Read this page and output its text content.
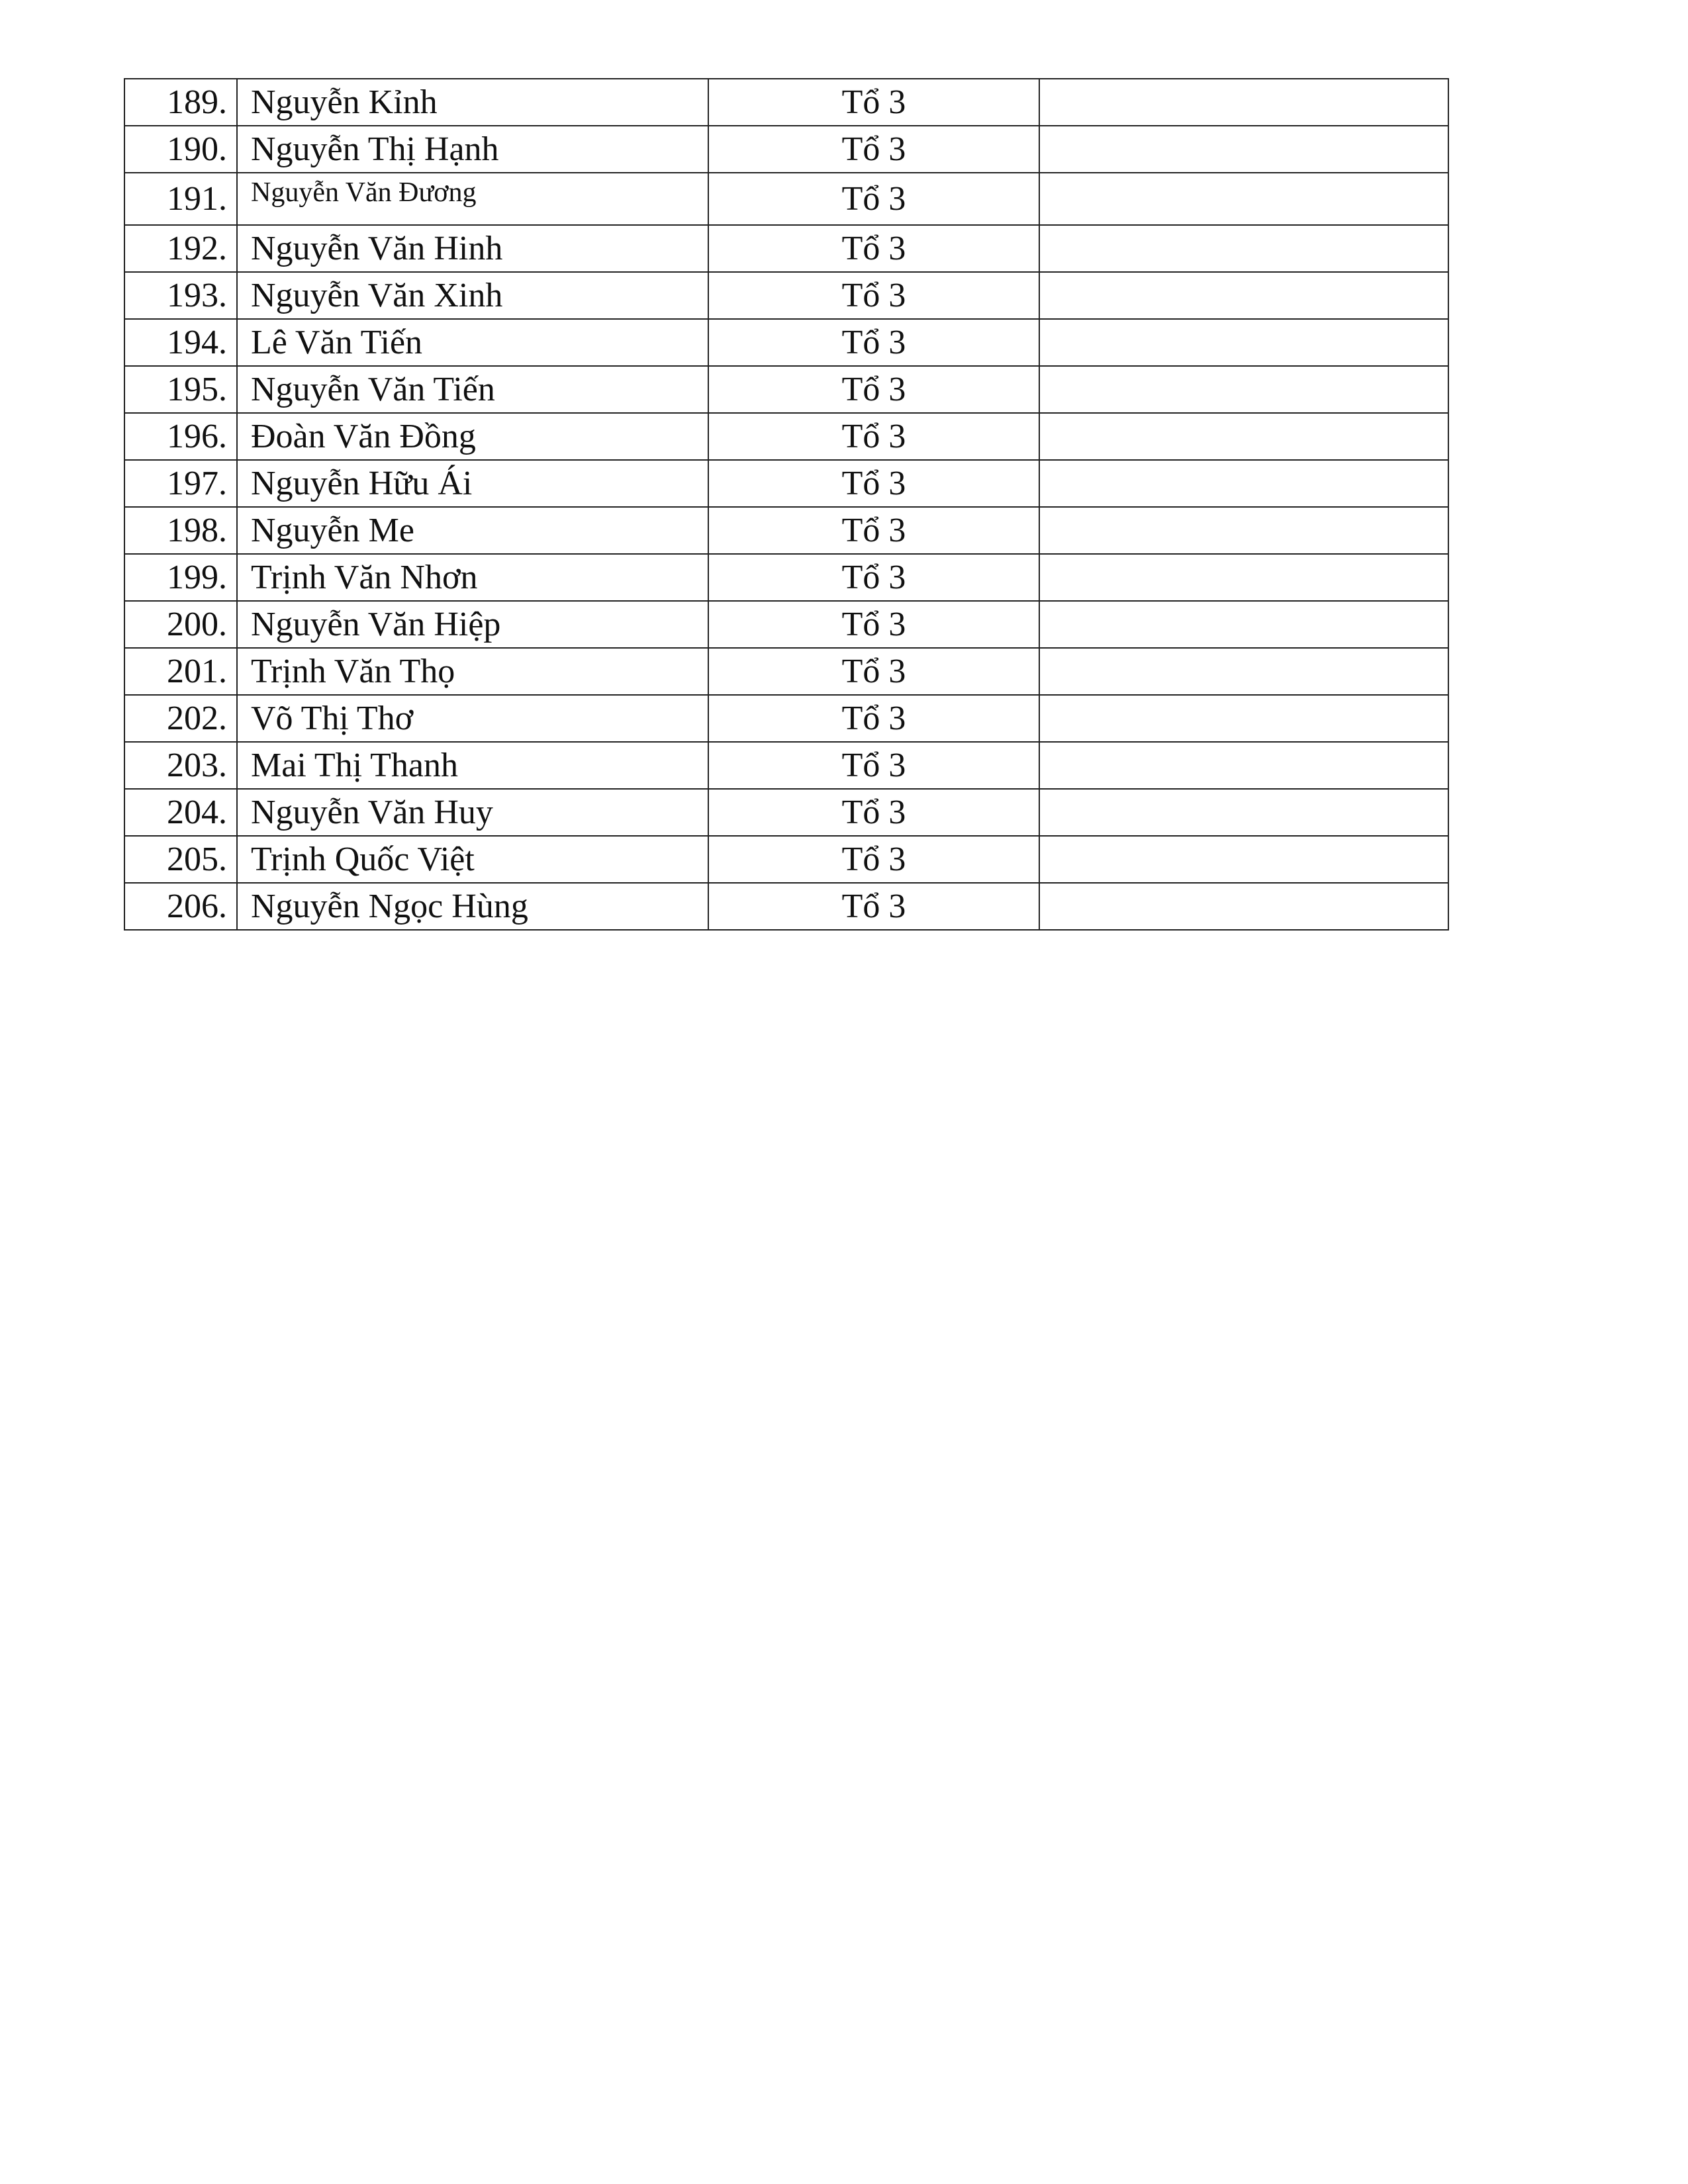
189.	Nguyễn Kỉnh	Tổ 3	
190.	Nguyễn Thị Hạnh	Tổ 3	
191.	Nguyễn Văn Đương	Tổ 3	
192.	Nguyễn Văn Hinh	Tổ 3	
193.	Nguyễn Văn Xinh	Tổ 3	
194.	Lê Văn Tiến	Tổ 3	
195.	Nguyễn Văn Tiến	Tổ 3	
196.	Đoàn Văn Đồng	Tổ 3	
197.	Nguyễn Hữu Ái	Tổ 3	
198.	Nguyễn Me	Tổ 3	
199.	Trịnh Văn Nhơn	Tổ 3	
200.	Nguyễn Văn Hiệp	Tổ 3	
201.	Trịnh Văn Thọ	Tổ 3	
202.	Võ Thị Thơ	Tổ 3	
203.	Mai Thị Thanh	Tổ 3	
204.	Nguyễn Văn Huy	Tổ 3	
205.	Trịnh Quốc Việt	Tổ 3	
206.	Nguyễn Ngọc Hùng	Tổ 3	
